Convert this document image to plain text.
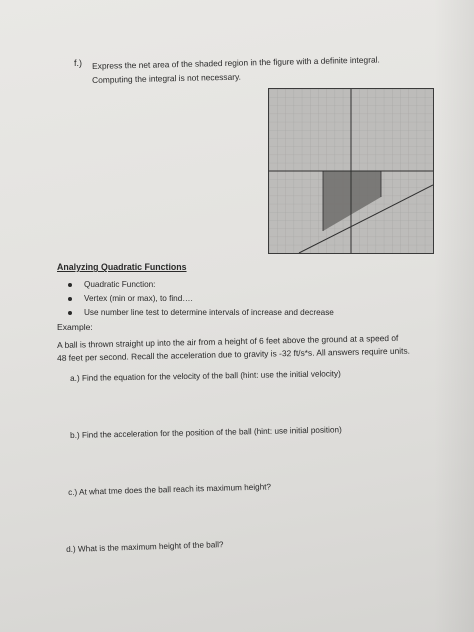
f.) Express the net area of the shaded region in the figure with a definite integral.
Computing the integral is not necessary.
Analyzing Quadratic Functions
Quadratic Function:
Vertex (min or max), to find….
Use number line test to determine intervals of increase and decrease
Example:
A ball is thrown straight up into the air from a height of 6 feet above the ground at a speed of
48 feet per second. Recall the acceleration due to gravity is -32 ft/s*s. All answers require units.
a.) Find the equation for the velocity of the ball (hint: use the initial velocity)
b.) Find the acceleration for the position of the ball (hint: use initial position)
c.) At what tme does the ball reach its maximum height?
d.) What is the maximum height of the ball?
